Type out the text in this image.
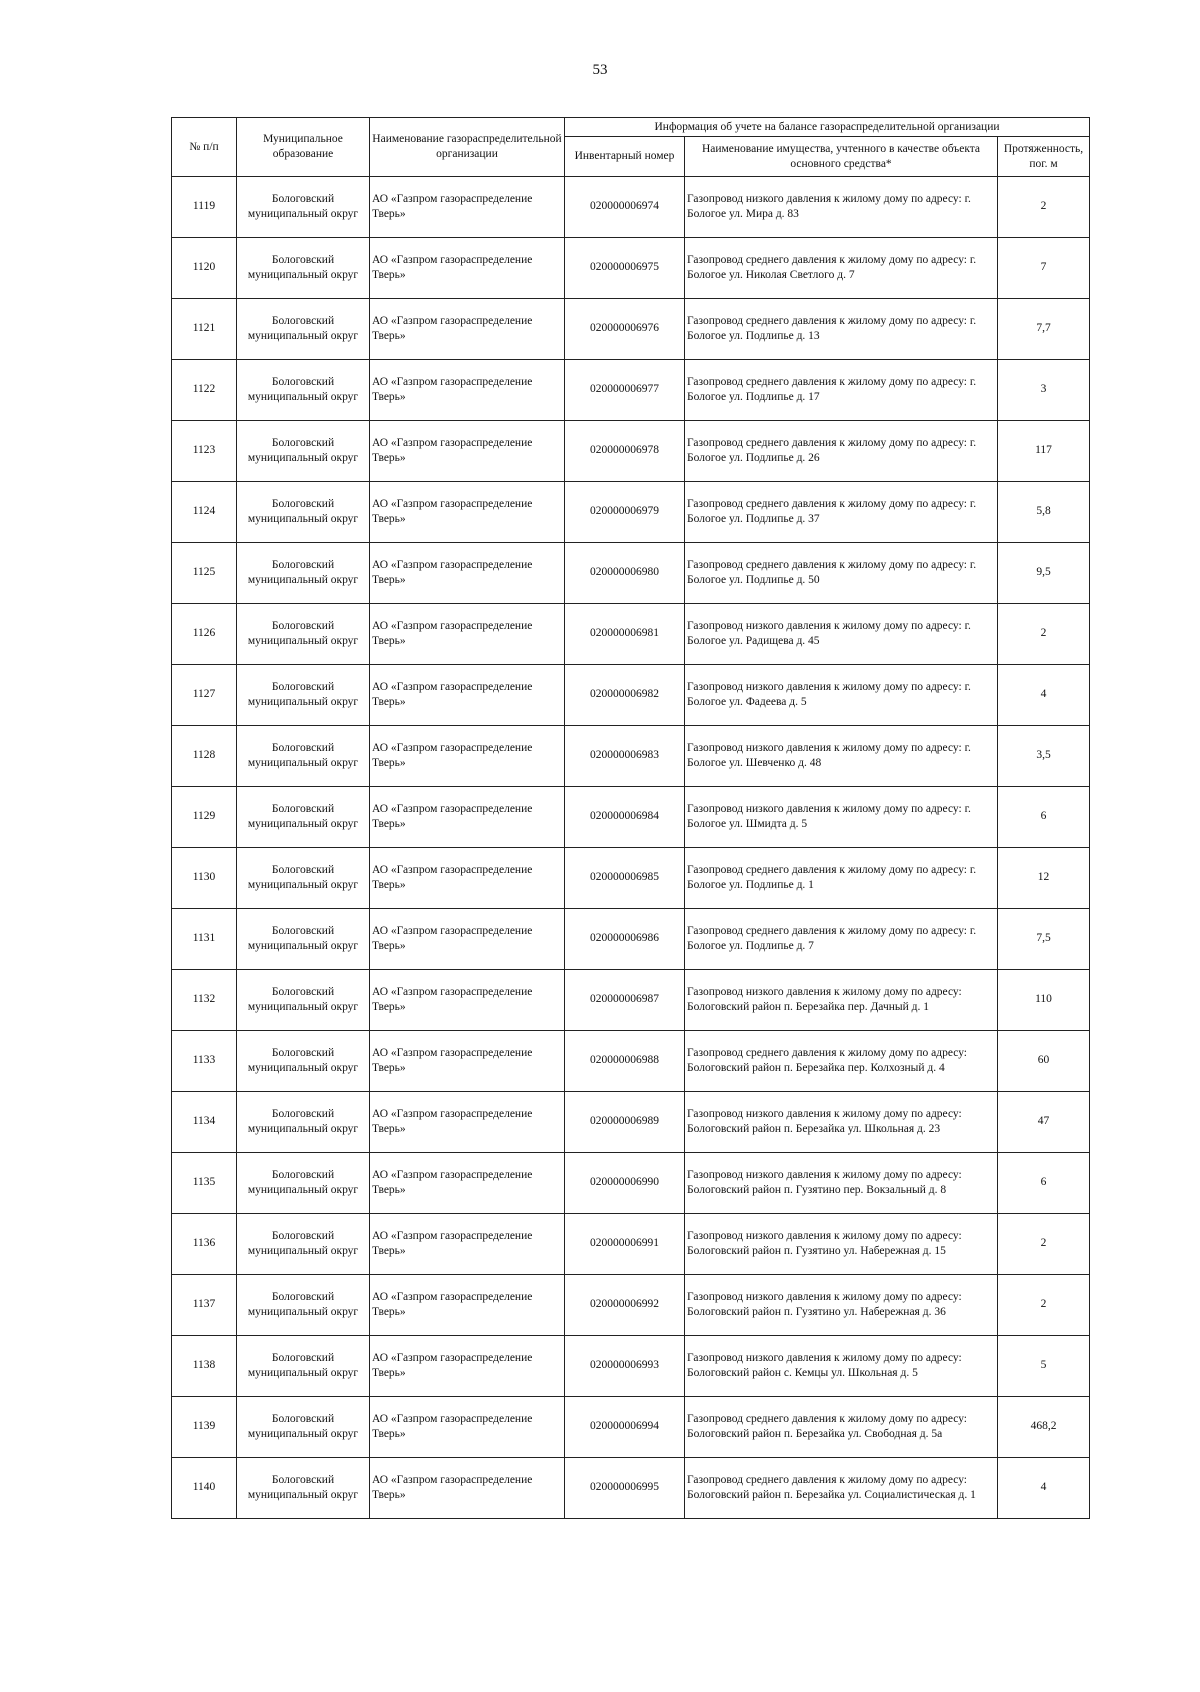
53
№ п/п	Муниципальное образование	Наименование газораспределительной организации	Информация об учете на балансе газораспределительной организации		
			Инвентарный номер	Наименование имущества, учтенного в качестве объекта основного средства*	Протяженность, пог. м
1119	Бологовский муниципальный округ	АО «Газпром газораспределение Тверь»	020000006974	Газопровод низкого давления к жилому дому по адресу: г. Бологое ул. Мира д. 83	2
1120	Бологовский муниципальный округ	АО «Газпром газораспределение Тверь»	020000006975	Газопровод среднего давления к жилому дому по адресу: г. Бологое ул. Николая Светлого д. 7	7
1121	Бологовский муниципальный округ	АО «Газпром газораспределение Тверь»	020000006976	Газопровод среднего давления к жилому дому по адресу: г. Бологое ул. Подлипье д. 13	7,7
1122	Бологовский муниципальный округ	АО «Газпром газораспределение Тверь»	020000006977	Газопровод среднего давления к жилому дому по адресу: г. Бологое ул. Подлипье д. 17	3
1123	Бологовский муниципальный округ	АО «Газпром газораспределение Тверь»	020000006978	Газопровод среднего давления к жилому дому по адресу: г. Бологое ул. Подлипье д. 26	117
1124	Бологовский муниципальный округ	АО «Газпром газораспределение Тверь»	020000006979	Газопровод среднего давления к жилому дому по адресу: г. Бологое ул. Подлипье д. 37	5,8
1125	Бологовский муниципальный округ	АО «Газпром газораспределение Тверь»	020000006980	Газопровод среднего давления к жилому дому по адресу: г. Бологое ул. Подлипье д. 50	9,5
1126	Бологовский муниципальный округ	АО «Газпром газораспределение Тверь»	020000006981	Газопровод низкого давления к жилому дому по адресу: г. Бологое ул. Радищева д. 45	2
1127	Бологовский муниципальный округ	АО «Газпром газораспределение Тверь»	020000006982	Газопровод низкого давления к жилому дому по адресу: г. Бологое ул. Фадеева д. 5	4
1128	Бологовский муниципальный округ	АО «Газпром газораспределение Тверь»	020000006983	Газопровод низкого давления к жилому дому по адресу: г. Бологое ул. Шевченко д. 48	3,5
1129	Бологовский муниципальный округ	АО «Газпром газораспределение Тверь»	020000006984	Газопровод низкого давления к жилому дому по адресу: г. Бологое ул. Шмидта д. 5	6
1130	Бологовский муниципальный округ	АО «Газпром газораспределение Тверь»	020000006985	Газопровод среднего давления к жилому дому по адресу: г. Бологое ул. Подлипье д. 1	12
1131	Бологовский муниципальный округ	АО «Газпром газораспределение Тверь»	020000006986	Газопровод среднего давления к жилому дому по адресу: г. Бологое ул. Подлипье д. 7	7,5
1132	Бологовский муниципальный округ	АО «Газпром газораспределение Тверь»	020000006987	Газопровод низкого давления к жилому дому по адресу: Бологовский район п. Березайка пер. Дачный д. 1	110
1133	Бологовский муниципальный округ	АО «Газпром газораспределение Тверь»	020000006988	Газопровод среднего давления к жилому дому по адресу: Бологовский район п. Березайка пер. Колхозный д. 4	60
1134	Бологовский муниципальный округ	АО «Газпром газораспределение Тверь»	020000006989	Газопровод низкого давления к жилому дому по адресу: Бологовский район п. Березайка ул. Школьная д. 23	47
1135	Бологовский муниципальный округ	АО «Газпром газораспределение Тверь»	020000006990	Газопровод низкого давления к жилому дому по адресу: Бологовский район п. Гузятино пер. Вокзальный д. 8	6
1136	Бологовский муниципальный округ	АО «Газпром газораспределение Тверь»	020000006991	Газопровод низкого давления к жилому дому по адресу: Бологовский район п. Гузятино ул. Набережная д. 15	2
1137	Бологовский муниципальный округ	АО «Газпром газораспределение Тверь»	020000006992	Газопровод низкого давления к жилому дому по адресу: Бологовский район п. Гузятино ул. Набережная д. 36	2
1138	Бологовский муниципальный округ	АО «Газпром газораспределение Тверь»	020000006993	Газопровод низкого давления к жилому дому по адресу: Бологовский район с. Кемцы ул. Школьная д. 5	5
1139	Бологовский муниципальный округ	АО «Газпром газораспределение Тверь»	020000006994	Газопровод среднего давления к жилому дому по адресу: Бологовский район п. Березайка ул. Свободная д. 5а	468,2
1140	Бологовский муниципальный округ	АО «Газпром газораспределение Тверь»	020000006995	Газопровод среднего давления к жилому дому по адресу: Бологовский район п. Березайка ул. Социалистическая д. 1	4
